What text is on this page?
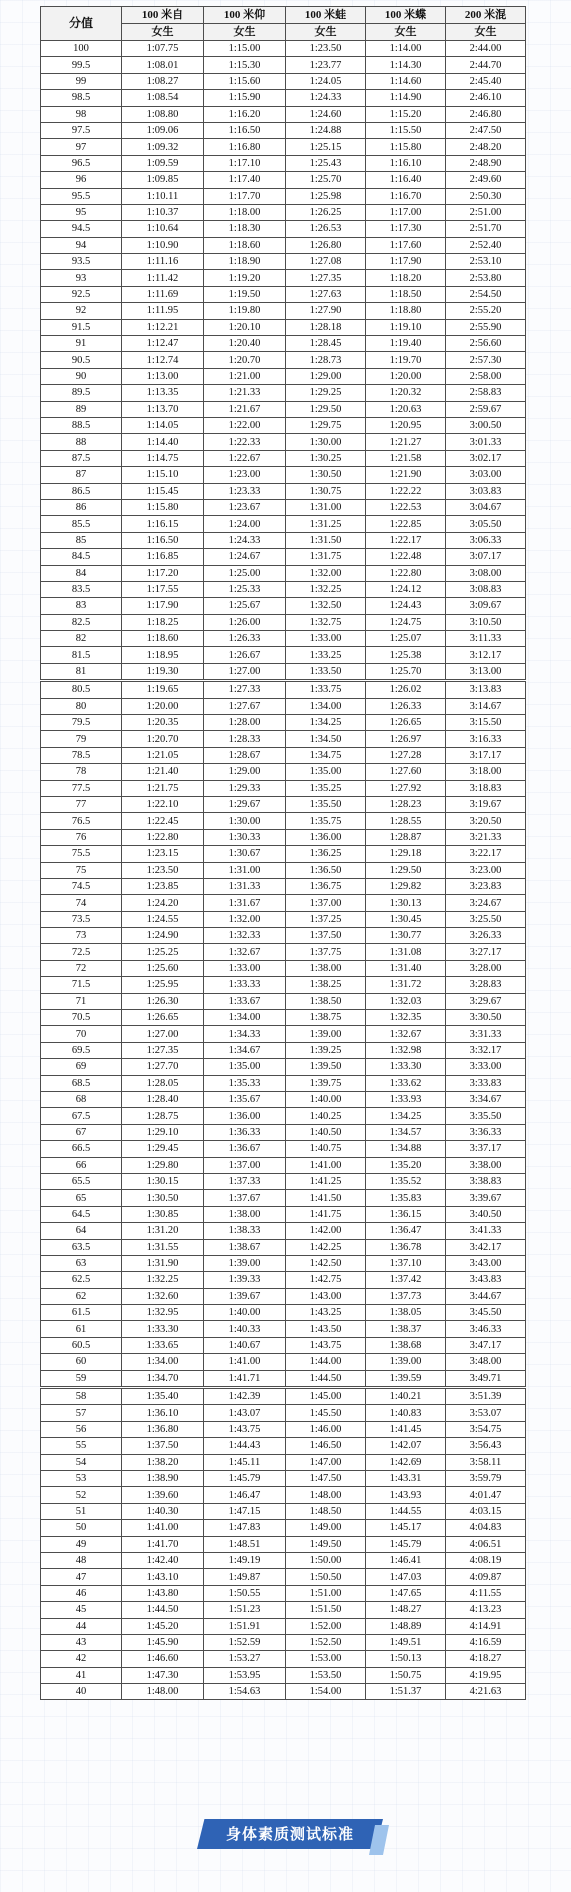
分值	100 米自	100 米仰	100 米蛙	100 米蝶	200 米混
	女生	女生	女生	女生	女生
100	1:07.75	1:15.00	1:23.50	1:14.00	2:44.00
99.5	1:08.01	1:15.30	1:23.77	1:14.30	2:44.70
99	1:08.27	1:15.60	1:24.05	1:14.60	2:45.40
98.5	1:08.54	1:15.90	1:24.33	1:14.90	2:46.10
98	1:08.80	1:16.20	1:24.60	1:15.20	2:46.80
97.5	1:09.06	1:16.50	1:24.88	1:15.50	2:47.50
97	1:09.32	1:16.80	1:25.15	1:15.80	2:48.20
96.5	1:09.59	1:17.10	1:25.43	1:16.10	2:48.90
96	1:09.85	1:17.40	1:25.70	1:16.40	2:49.60
95.5	1:10.11	1:17.70	1:25.98	1:16.70	2:50.30
95	1:10.37	1:18.00	1:26.25	1:17.00	2:51.00
94.5	1:10.64	1:18.30	1:26.53	1:17.30	2:51.70
94	1:10.90	1:18.60	1:26.80	1:17.60	2:52.40
93.5	1:11.16	1:18.90	1:27.08	1:17.90	2:53.10
93	1:11.42	1:19.20	1:27.35	1:18.20	2:53.80
92.5	1:11.69	1:19.50	1:27.63	1:18.50	2:54.50
92	1:11.95	1:19.80	1:27.90	1:18.80	2:55.20
91.5	1:12.21	1:20.10	1:28.18	1:19.10	2:55.90
91	1:12.47	1:20.40	1:28.45	1:19.40	2:56.60
90.5	1:12.74	1:20.70	1:28.73	1:19.70	2:57.30
90	1:13.00	1:21.00	1:29.00	1:20.00	2:58.00
89.5	1:13.35	1:21.33	1:29.25	1:20.32	2:58.83
89	1:13.70	1:21.67	1:29.50	1:20.63	2:59.67
88.5	1:14.05	1:22.00	1:29.75	1:20.95	3:00.50
88	1:14.40	1:22.33	1:30.00	1:21.27	3:01.33
87.5	1:14.75	1:22.67	1:30.25	1:21.58	3:02.17
87	1:15.10	1:23.00	1:30.50	1:21.90	3:03.00
86.5	1:15.45	1:23.33	1:30.75	1:22.22	3:03.83
86	1:15.80	1:23.67	1:31.00	1:22.53	3:04.67
85.5	1:16.15	1:24.00	1:31.25	1:22.85	3:05.50
85	1:16.50	1:24.33	1:31.50	1:22.17	3:06.33
84.5	1:16.85	1:24.67	1:31.75	1:22.48	3:07.17
84	1:17.20	1:25.00	1:32.00	1:22.80	3:08.00
83.5	1:17.55	1:25.33	1:32.25	1:24.12	3:08.83
83	1:17.90	1:25.67	1:32.50	1:24.43	3:09.67
82.5	1:18.25	1:26.00	1:32.75	1:24.75	3:10.50
82	1:18.60	1:26.33	1:33.00	1:25.07	3:11.33
81.5	1:18.95	1:26.67	1:33.25	1:25.38	3:12.17
81	1:19.30	1:27.00	1:33.50	1:25.70	3:13.00
80.5	1:19.65	1:27.33	1:33.75	1:26.02	3:13.83
80	1:20.00	1:27.67	1:34.00	1:26.33	3:14.67
79.5	1:20.35	1:28.00	1:34.25	1:26.65	3:15.50
79	1:20.70	1:28.33	1:34.50	1:26.97	3:16.33
78.5	1:21.05	1:28.67	1:34.75	1:27.28	3:17.17
78	1:21.40	1:29.00	1:35.00	1:27.60	3:18.00
77.5	1:21.75	1:29.33	1:35.25	1:27.92	3:18.83
77	1:22.10	1:29.67	1:35.50	1:28.23	3:19.67
76.5	1:22.45	1:30.00	1:35.75	1:28.55	3:20.50
76	1:22.80	1:30.33	1:36.00	1:28.87	3:21.33
75.5	1:23.15	1:30.67	1:36.25	1:29.18	3:22.17
75	1:23.50	1:31.00	1:36.50	1:29.50	3:23.00
74.5	1:23.85	1:31.33	1:36.75	1:29.82	3:23.83
74	1:24.20	1:31.67	1:37.00	1:30.13	3:24.67
73.5	1:24.55	1:32.00	1:37.25	1:30.45	3:25.50
73	1:24.90	1:32.33	1:37.50	1:30.77	3:26.33
72.5	1:25.25	1:32.67	1:37.75	1:31.08	3:27.17
72	1:25.60	1:33.00	1:38.00	1:31.40	3:28.00
71.5	1:25.95	1:33.33	1:38.25	1:31.72	3:28.83
71	1:26.30	1:33.67	1:38.50	1:32.03	3:29.67
70.5	1:26.65	1:34.00	1:38.75	1:32.35	3:30.50
70	1:27.00	1:34.33	1:39.00	1:32.67	3:31.33
69.5	1:27.35	1:34.67	1:39.25	1:32.98	3:32.17
69	1:27.70	1:35.00	1:39.50	1:33.30	3:33.00
68.5	1:28.05	1:35.33	1:39.75	1:33.62	3:33.83
68	1:28.40	1:35.67	1:40.00	1:33.93	3:34.67
67.5	1:28.75	1:36.00	1:40.25	1:34.25	3:35.50
67	1:29.10	1:36.33	1:40.50	1:34.57	3:36.33
66.5	1:29.45	1:36.67	1:40.75	1:34.88	3:37.17
66	1:29.80	1:37.00	1:41.00	1:35.20	3:38.00
65.5	1:30.15	1:37.33	1:41.25	1:35.52	3:38.83
65	1:30.50	1:37.67	1:41.50	1:35.83	3:39.67
64.5	1:30.85	1:38.00	1:41.75	1:36.15	3:40.50
64	1:31.20	1:38.33	1:42.00	1:36.47	3:41.33
63.5	1:31.55	1:38.67	1:42.25	1:36.78	3:42.17
63	1:31.90	1:39.00	1:42.50	1:37.10	3:43.00
62.5	1:32.25	1:39.33	1:42.75	1:37.42	3:43.83
62	1:32.60	1:39.67	1:43.00	1:37.73	3:44.67
61.5	1:32.95	1:40.00	1:43.25	1:38.05	3:45.50
61	1:33.30	1:40.33	1:43.50	1:38.37	3:46.33
60.5	1:33.65	1:40.67	1:43.75	1:38.68	3:47.17
60	1:34.00	1:41.00	1:44.00	1:39.00	3:48.00
59	1:34.70	1:41.71	1:44.50	1:39.59	3:49.71
58	1:35.40	1:42.39	1:45.00	1:40.21	3:51.39
57	1:36.10	1:43.07	1:45.50	1:40.83	3:53.07
56	1:36.80	1:43.75	1:46.00	1:41.45	3:54.75
55	1:37.50	1:44.43	1:46.50	1:42.07	3:56.43
54	1:38.20	1:45.11	1:47.00	1:42.69	3:58.11
53	1:38.90	1:45.79	1:47.50	1:43.31	3:59.79
52	1:39.60	1:46.47	1:48.00	1:43.93	4:01.47
51	1:40.30	1:47.15	1:48.50	1:44.55	4:03.15
50	1:41.00	1:47.83	1:49.00	1:45.17	4:04.83
49	1:41.70	1:48.51	1:49.50	1:45.79	4:06.51
48	1:42.40	1:49.19	1:50.00	1:46.41	4:08.19
47	1:43.10	1:49.87	1:50.50	1:47.03	4:09.87
46	1:43.80	1:50.55	1:51.00	1:47.65	4:11.55
45	1:44.50	1:51.23	1:51.50	1:48.27	4:13.23
44	1:45.20	1:51.91	1:52.00	1:48.89	4:14.91
43	1:45.90	1:52.59	1:52.50	1:49.51	4:16.59
42	1:46.60	1:53.27	1:53.00	1:50.13	4:18.27
41	1:47.30	1:53.95	1:53.50	1:50.75	4:19.95
40	1:48.00	1:54.63	1:54.00	1:51.37	4:21.63
身体素质测试标准
